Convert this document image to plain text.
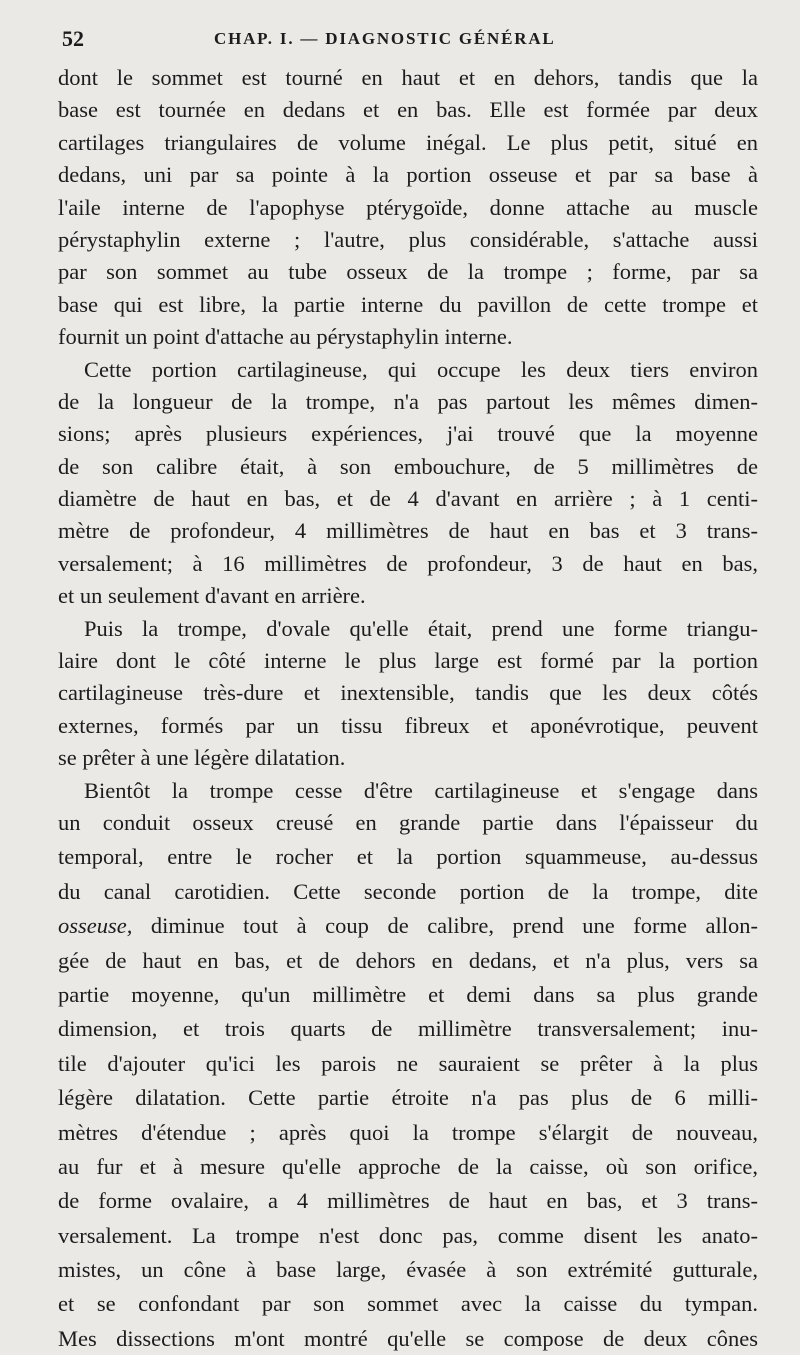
52	CHAP. I. — DIAGNOSTIC GÉNÉRAL
dont le sommet est tourné en haut et en dehors, tandis que la
base est tournée en dedans et en bas. Elle est formée par deux
cartilages triangulaires de volume inégal. Le plus petit, situé en
dedans, uni par sa pointe à la portion osseuse et par sa base à
l'aile interne de l'apophyse ptérygoïde, donne attache au muscle
pérystaphylin externe ; l'autre, plus considérable, s'attache aussi
par son sommet au tube osseux de la trompe ; forme, par sa
base qui est libre, la partie interne du pavillon de cette trompe et
fournit un point d'attache au pérystaphylin interne.
Cette portion cartilagineuse, qui occupe les deux tiers environ
de la longueur de la trompe, n'a pas partout les mêmes dimen-
sions; après plusieurs expériences, j'ai trouvé que la moyenne
de son calibre était, à son embouchure, de 5 millimètres de
diamètre de haut en bas, et de 4 d'avant en arrière ; à 1 centi-
mètre de profondeur, 4 millimètres de haut en bas et 3 trans-
versalement; à 16 millimètres de profondeur, 3 de haut en bas,
et un seulement d'avant en arrière.
Puis la trompe, d'ovale qu'elle était, prend une forme triangu-
laire dont le côté interne le plus large est formé par la portion
cartilagineuse très-dure et inextensible, tandis que les deux côtés
externes, formés par un tissu fibreux et aponévrotique, peuvent
se prêter à une légère dilatation.
Bientôt la trompe cesse d'être cartilagineuse et s'engage dans
un conduit osseux creusé en grande partie dans l'épaisseur du
temporal, entre le rocher et la portion squammeuse, au-dessus
du canal carotidien. Cette seconde portion de la trompe, dite
osseuse, diminue tout à coup de calibre, prend une forme allon-
gée de haut en bas, et de dehors en dedans, et n'a plus, vers sa
partie moyenne, qu'un millimètre et demi dans sa plus grande
dimension, et trois quarts de millimètre transversalement; inu-
tile d'ajouter qu'ici les parois ne sauraient se prêter à la plus
légère dilatation. Cette partie étroite n'a pas plus de 6 milli-
mètres d'étendue ; après quoi la trompe s'élargit de nouveau,
au fur et à mesure qu'elle approche de la caisse, où son orifice,
de forme ovalaire, a 4 millimètres de haut en bas, et 3 trans-
versalement. La trompe n'est donc pas, comme disent les anato-
mistes, un cône à base large, évasée à son extrémité gutturale,
et se confondant par son sommet avec la caisse du tympan.
Mes dissections m'ont montré qu'elle se compose de deux cônes
